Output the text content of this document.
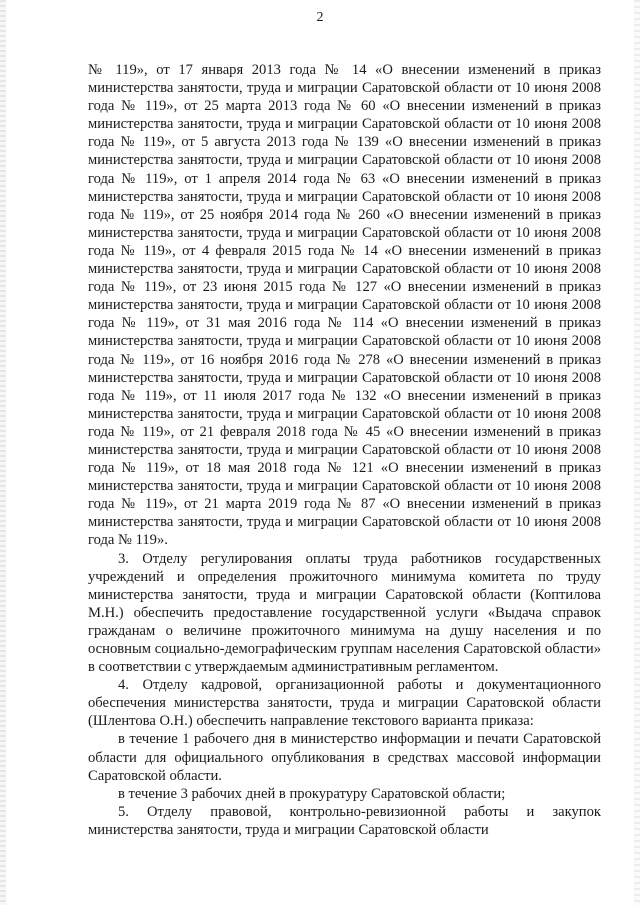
2

№ 119», от 17 января 2013 года № 14 «О внесении изменений в приказ министерства занятости, труда и миграции Саратовской области от 10 июня 2008 года № 119», от 25 марта 2013 года № 60 «О внесении изменений в приказ министерства занятости, труда и миграции Саратовской области от 10 июня 2008 года № 119», от 5 августа 2013 года № 139 «О внесении изменений в приказ министерства занятости, труда и миграции Саратовской области от 10 июня 2008 года № 119», от 1 апреля 2014 года № 63 «О внесении изменений в приказ министерства занятости, труда и миграции Саратовской области от 10 июня 2008 года № 119», от 25 ноября 2014 года № 260 «О внесении изменений в приказ министерства занятости, труда и миграции Саратовской области от 10 июня 2008 года № 119», от 4 февраля 2015 года № 14 «О внесении изменений в приказ министерства занятости, труда и миграции Саратовской области от 10 июня 2008 года № 119», от 23 июня 2015 года № 127 «О внесении изменений в приказ министерства занятости, труда и миграции Саратовской области от 10 июня 2008 года № 119», от 31 мая 2016 года № 114 «О внесении изменений в приказ министерства занятости, труда и миграции Саратовской области от 10 июня 2008 года № 119», от 16 ноября 2016 года № 278 «О внесении изменений в приказ министерства занятости, труда и миграции Саратовской области от 10 июня 2008 года № 119», от 11 июля 2017 года № 132 «О внесении изменений в приказ министерства занятости, труда и миграции Саратовской области от 10 июня 2008 года № 119», от 21 февраля 2018 года № 45 «О внесении изменений в приказ министерства занятости, труда и миграции Саратовской области от 10 июня 2008 года № 119», от 18 мая 2018 года № 121 «О внесении изменений в приказ министерства занятости, труда и миграции Саратовской области от 10 июня 2008 года № 119», от 21 марта 2019 года № 87 «О внесении изменений в приказ министерства занятости, труда и миграции Саратовской области от 10 июня 2008 года № 119».

3. Отделу регулирования оплаты труда работников государственных учреждений и определения прожиточного минимума комитета по труду министерства занятости, труда и миграции Саратовской области (Коптилова М.Н.) обеспечить предоставление государственной услуги «Выдача справок гражданам о величине прожиточного минимума на душу населения и по основным социально-демографическим группам населения Саратовской области» в соответствии с утверждаемым административным регламентом.

4. Отделу кадровой, организационной работы и документационного обеспечения министерства занятости, труда и миграции Саратовской области (Шлентова О.Н.) обеспечить направление текстового варианта приказа:

в течение 1 рабочего дня в министерство информации и печати Саратовской области для официального опубликования в средствах массовой информации Саратовской области.

в течение 3 рабочих дней в прокуратуру Саратовской области;

5. Отделу правовой, контрольно-ревизионной работы и закупок министерства занятости, труда и миграции Саратовской области
